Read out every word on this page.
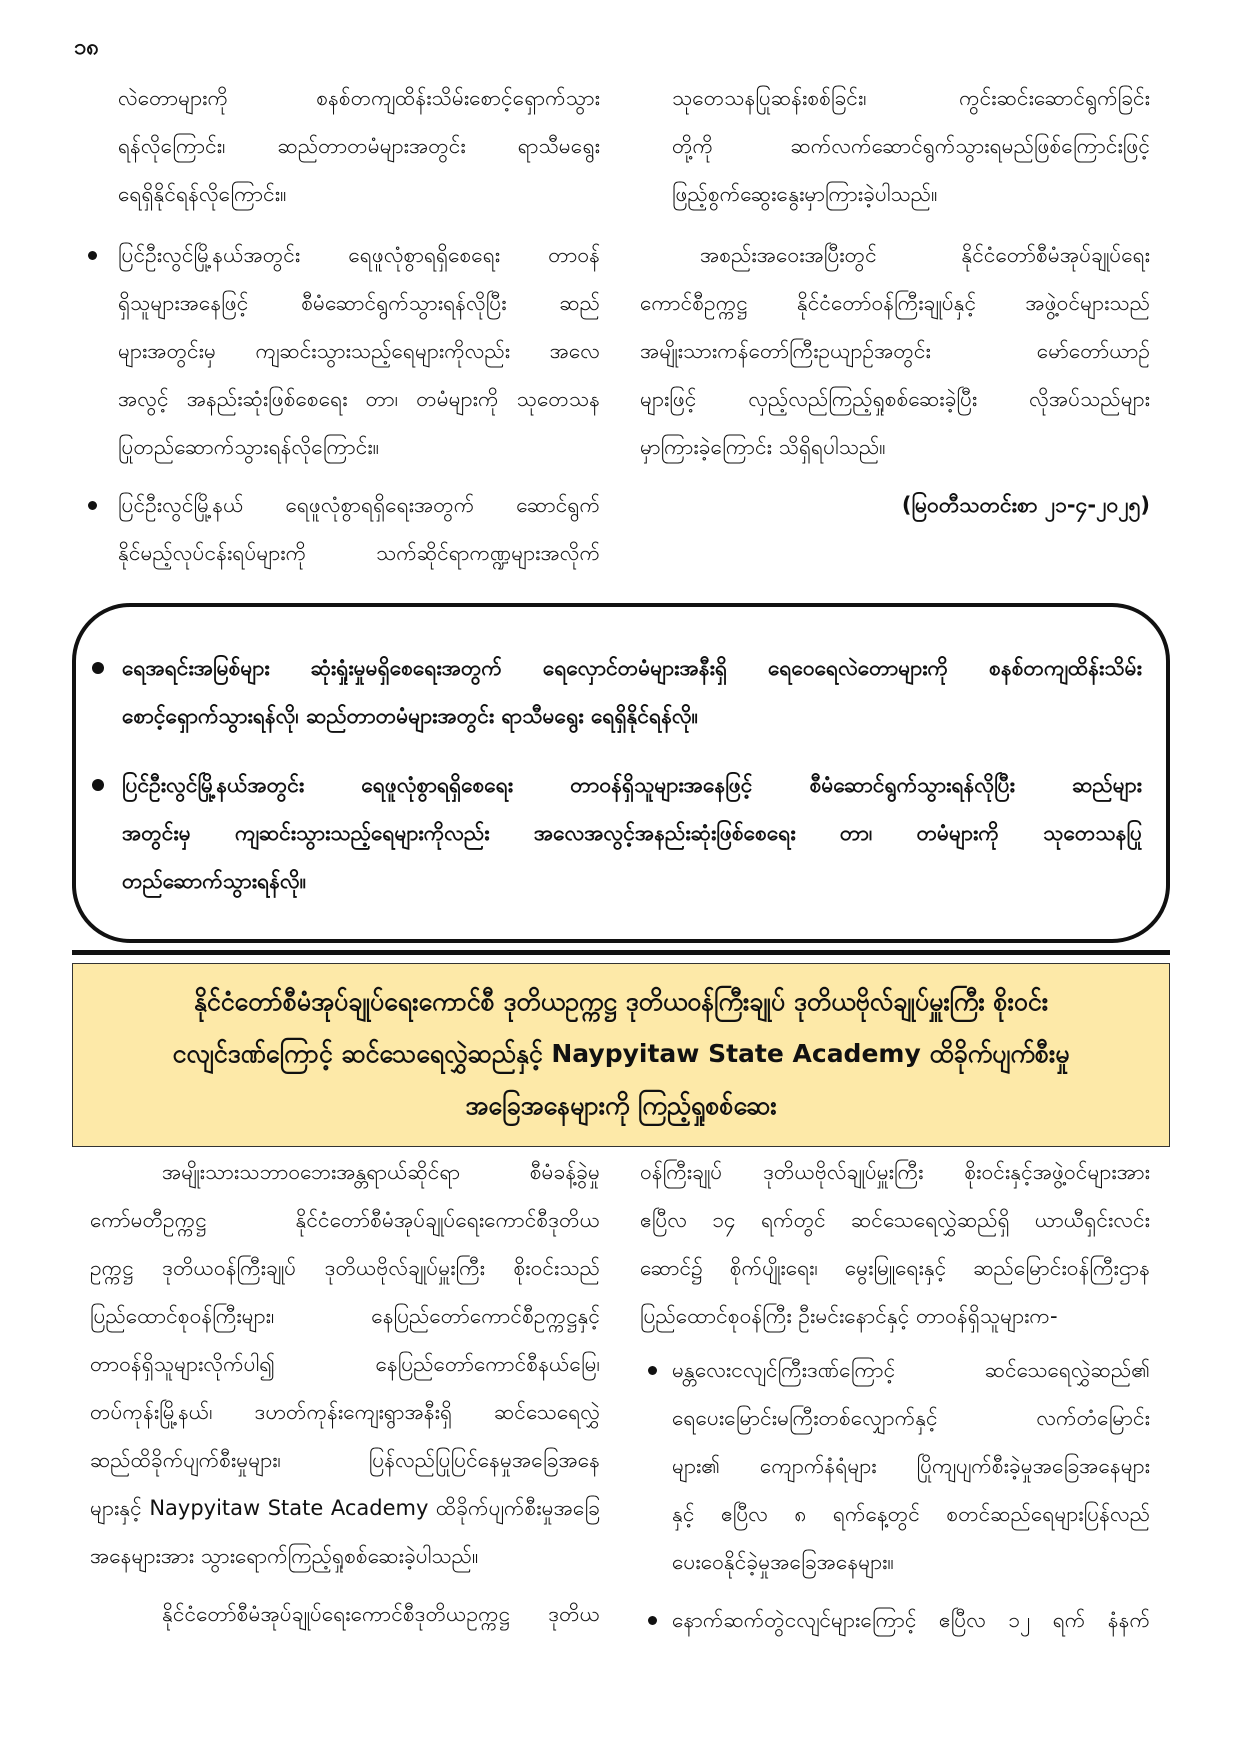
၁၈
လဲတောများကို စနစ်တကျထိန်းသိမ်းစောင့်ရှောက်သွား
ရန်လိုကြောင်း၊ ဆည်တာတမံများအတွင်း ရာသီမရွေး
ရေရှိနိုင်ရန်လိုကြောင်း။
ပြင်ဦးလွင်မြို့နယ်အတွင်း ရေဖူလုံစွာရရှိစေရေး တာဝန်
ရှိသူများအနေဖြင့် စီမံဆောင်ရွက်သွားရန်လိုပြီး ဆည်
များအတွင်းမှ ကျဆင်းသွားသည့်ရေများကိုလည်း အလေ
အလွင့် အနည်းဆုံးဖြစ်စေရေး တာ၊ တမံများကို သုတေသန
ပြုတည်ဆောက်သွားရန်လိုကြောင်း။
ပြင်ဦးလွင်မြို့နယ် ရေဖူလုံစွာရရှိရေးအတွက် ဆောင်ရွက်
နိုင်မည့်လုပ်ငန်းရပ်များကို သက်ဆိုင်ရာကဏ္ဍများအလိုက်
သုတေသနပြုဆန်းစစ်ခြင်း၊ ကွင်းဆင်းဆောင်ရွက်ခြင်း
တို့ကို ဆက်လက်ဆောင်ရွက်သွားရမည်ဖြစ်ကြောင်းဖြင့်
ဖြည့်စွက်ဆွေးနွေးမှာကြားခဲ့ပါသည်။
အစည်းအဝေးအပြီးတွင် နိုင်ငံတော်စီမံအုပ်ချုပ်ရေး
ကောင်စီဥက္ကဋ္ဌ နိုင်ငံတော်ဝန်ကြီးချုပ်နှင့် အဖွဲ့ဝင်များသည်
အမျိုးသားကန်တော်ကြီးဥယျာဉ်အတွင်း မော်တော်ယာဉ်
များဖြင့် လှည့်လည်ကြည့်ရှုစစ်ဆေးခဲ့ပြီး လိုအပ်သည်များ
မှာကြားခဲ့ကြောင်း သိရှိရပါသည်။
(မြဝတီသတင်းစာ ၂၁-၄-၂၀၂၅)
ရေအရင်းအမြစ်များ ဆုံးရှုံးမှုမရှိစေရေးအတွက် ရေလှောင်တမံများအနီးရှိ ရေဝေရေလဲတောများကို စနစ်တကျထိန်းသိမ်း
စောင့်ရှောက်သွားရန်လို၊ ဆည်တာတမံများအတွင်း ရာသီမရွေး ရေရှိနိုင်ရန်လို။
ပြင်ဦးလွင်မြို့နယ်အတွင်း ရေဖူလုံစွာရရှိစေရေး တာဝန်ရှိသူများအနေဖြင့် စီမံဆောင်ရွက်သွားရန်လိုပြီး ဆည်များ
အတွင်းမှ ကျဆင်းသွားသည့်ရေများကိုလည်း အလေအလွင့်အနည်းဆုံးဖြစ်စေရေး တာ၊ တမံများကို သုတေသနပြု
တည်ဆောက်သွားရန်လို။
နိုင်ငံတော်စီမံအုပ်ချုပ်ရေးကောင်စီ ဒုတိယဥက္ကဋ္ဌ ဒုတိယဝန်ကြီးချုပ် ဒုတိယဗိုလ်ချုပ်မှူးကြီး စိုးဝင်း
ငလျင်ဒဏ်ကြောင့် ဆင်သေရေလွှဲဆည်နှင့် Naypyitaw State Academy ထိခိုက်ပျက်စီးမှု
အခြေအနေများကို ကြည့်ရှုစစ်ဆေး
အမျိုးသားသဘာဝဘေးအန္တရာယ်ဆိုင်ရာ စီမံခန့်ခွဲမှု
ကော်မတီဥက္ကဋ္ဌ နိုင်ငံတော်စီမံအုပ်ချုပ်ရေးကောင်စီဒုတိယ
ဥက္ကဋ္ဌ ဒုတိယဝန်ကြီးချုပ် ဒုတိယဗိုလ်ချုပ်မှူးကြီး စိုးဝင်းသည်
ပြည်ထောင်စုဝန်ကြီးများ၊ နေပြည်တော်ကောင်စီဥက္ကဋ္ဌနှင့်
တာဝန်ရှိသူများလိုက်ပါ၍ နေပြည်တော်ကောင်စီနယ်မြေ၊
တပ်ကုန်းမြို့နယ်၊ ဒဟတ်ကုန်းကျေးရွာအနီးရှိ ဆင်သေရေလွှဲ
ဆည်ထိခိုက်ပျက်စီးမှုများ၊ ပြန်လည်ပြုပြင်နေမှုအခြေအနေ
များနှင့် Naypyitaw State Academy ထိခိုက်ပျက်စီးမှုအခြေ
အနေများအား သွားရောက်ကြည့်ရှုစစ်ဆေးခဲ့ပါသည်။
နိုင်ငံတော်စီမံအုပ်ချုပ်ရေးကောင်စီဒုတိယဥက္ကဋ္ဌ ဒုတိယ
ဝန်ကြီးချုပ် ဒုတိယဗိုလ်ချုပ်မှူးကြီး စိုးဝင်းနှင့်အဖွဲ့ဝင်များအား
ဧပြီလ ၁၄ ရက်တွင် ဆင်သေရေလွှဲဆည်ရှိ ယာယီရှင်းလင်း
ဆောင်၌ စိုက်ပျိုးရေး၊ မွေးမြူရေးနှင့် ဆည်မြောင်းဝန်ကြီးဌာန
ပြည်ထောင်စုဝန်ကြီး ဦးမင်းနောင်နှင့် တာဝန်ရှိသူများက-
မန္တလေးငလျင်ကြီးဒဏ်ကြောင့် ဆင်သေရေလွှဲဆည်၏
ရေပေးမြောင်းမကြီးတစ်လျှောက်နှင့် လက်တံမြောင်း
များ၏ ကျောက်နံရံများ ပြိုကျပျက်စီးခဲ့မှုအခြေအနေများ
နှင့် ဧပြီလ ၈ ရက်နေ့တွင် စတင်ဆည်ရေများပြန်လည်
ပေးဝေနိုင်ခဲ့မှုအခြေအနေများ။
နောက်ဆက်တွဲငလျင်များကြောင့် ဧပြီလ ၁၂ ရက် နံနက်
